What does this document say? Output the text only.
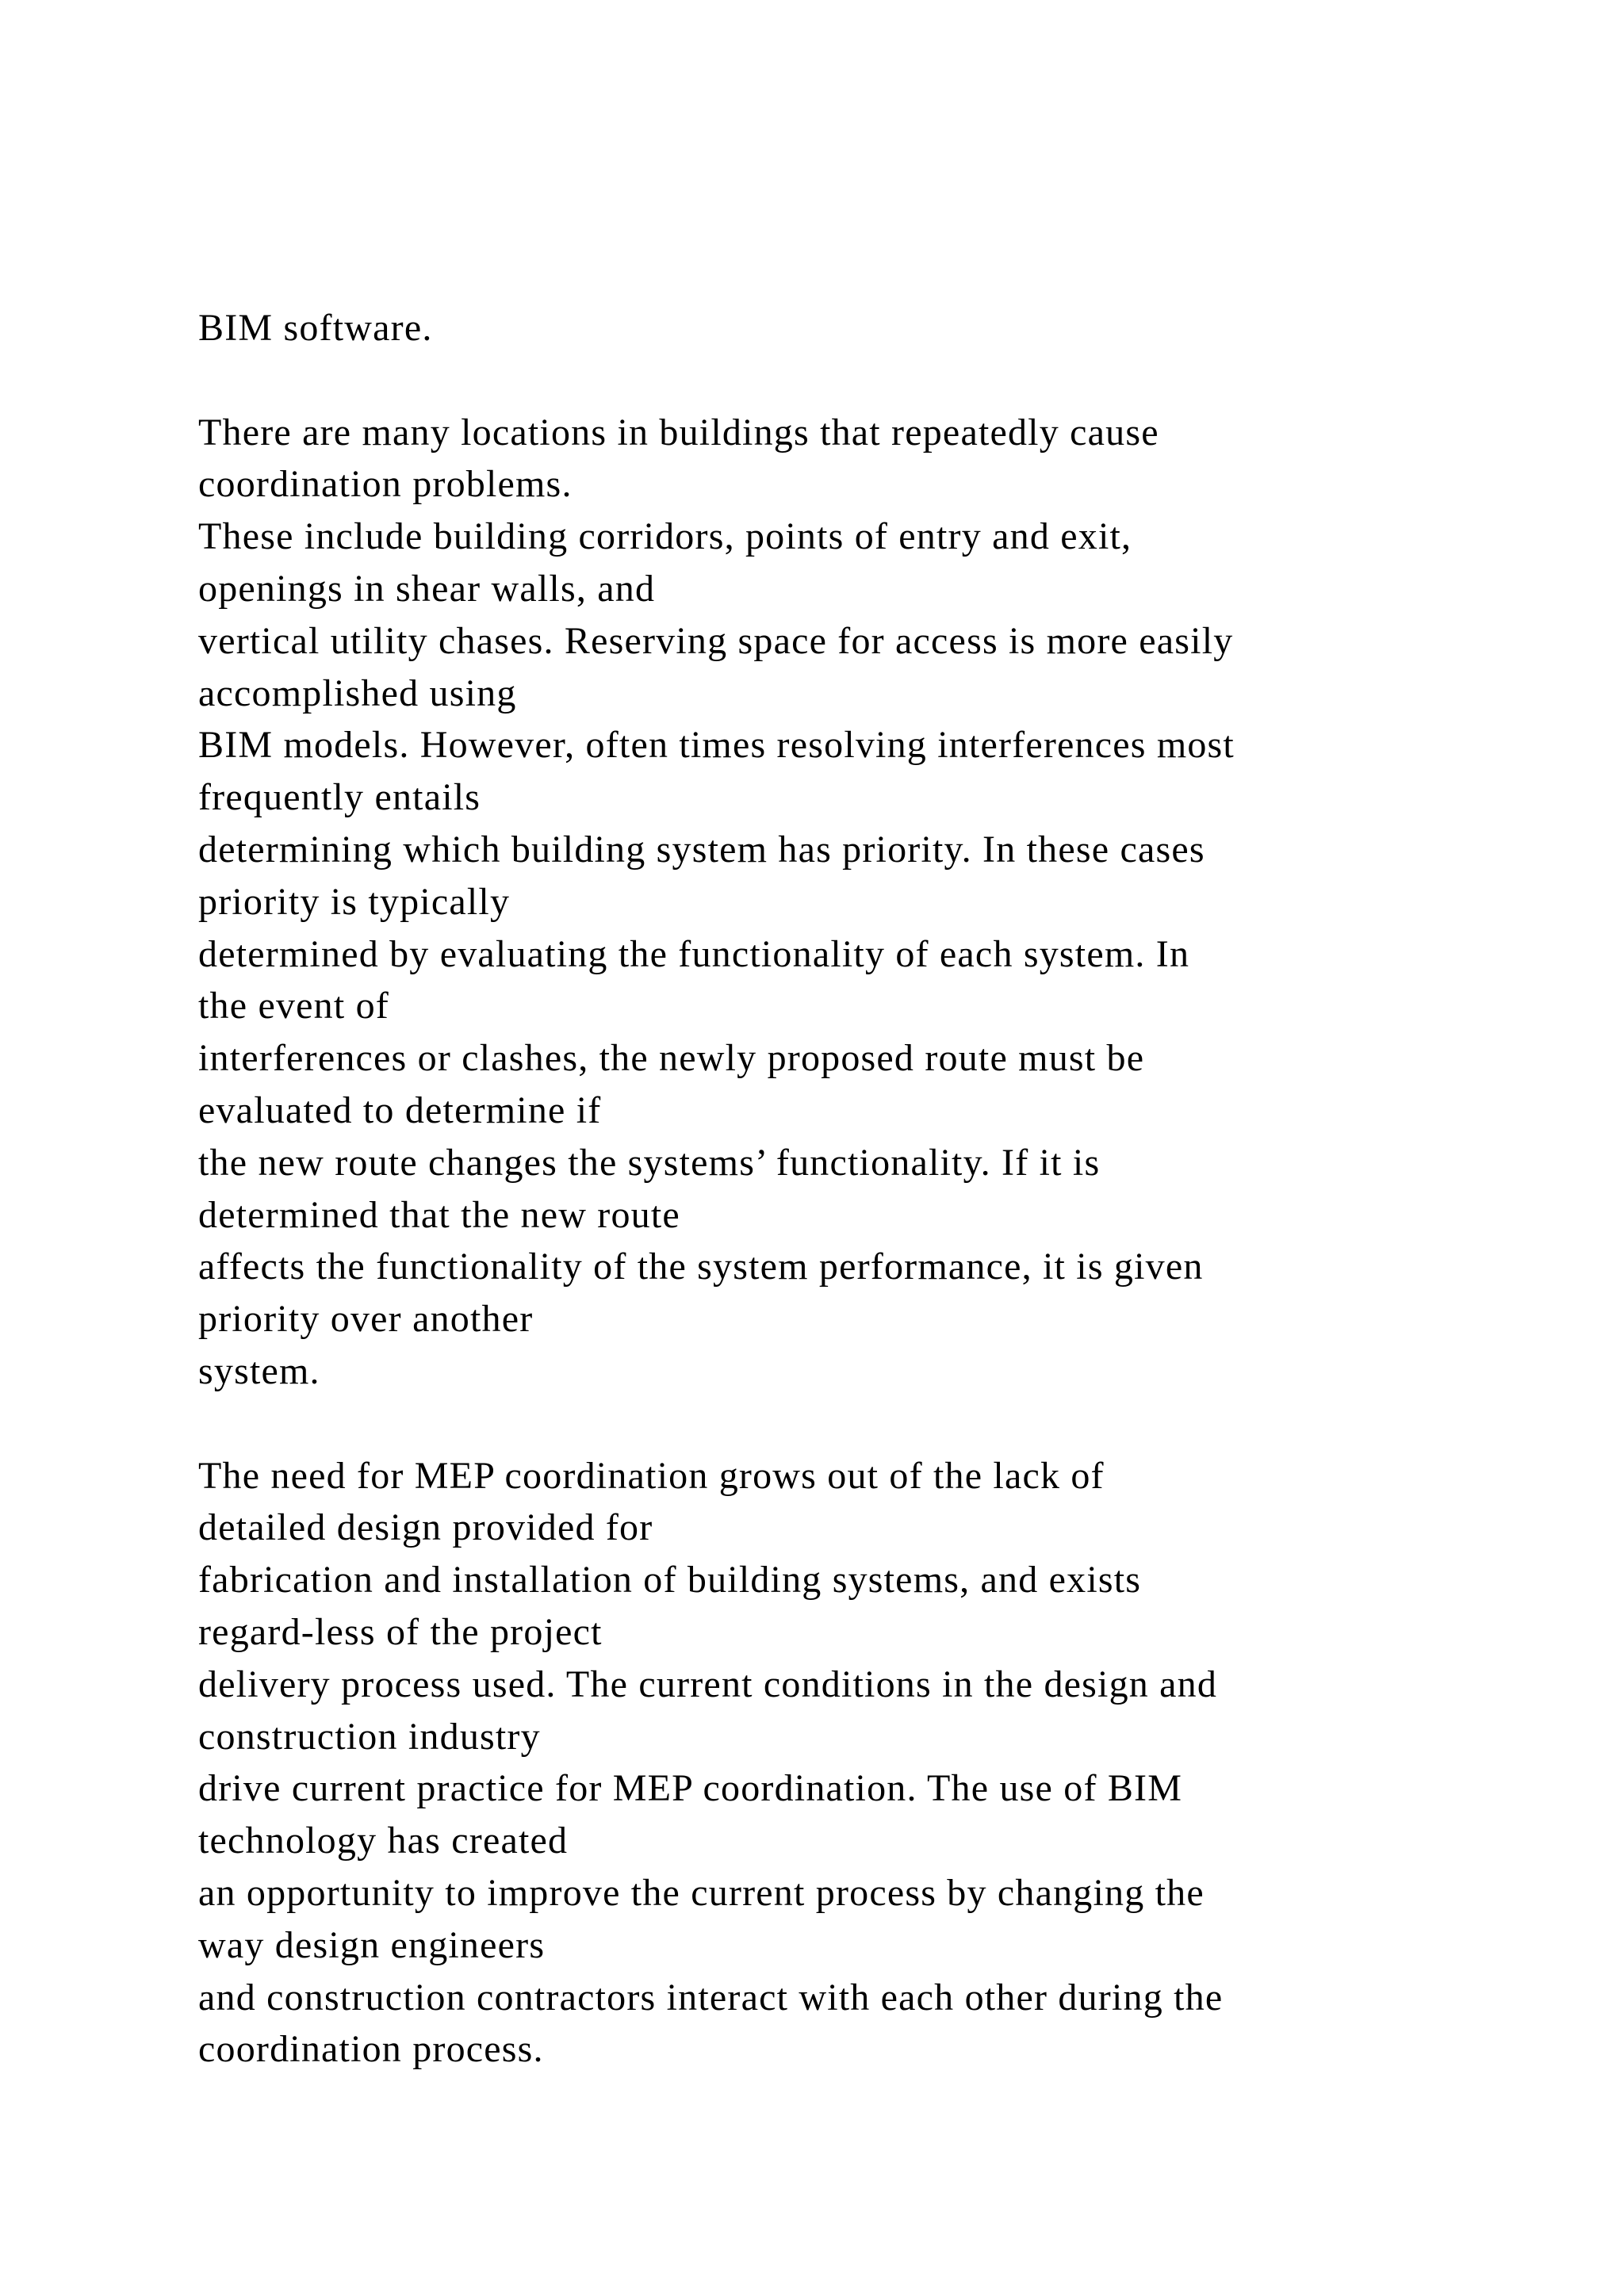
BIM software.
There are many locations in buildings that repeatedly cause
coordination problems.
These include building corridors, points of entry and exit,
openings in shear walls, and
vertical utility chases. Reserving space for access is more easily
accomplished using
BIM models. However, often times resolving interferences most
frequently entails
determining which building system has priority. In these cases
priority is typically
determined by evaluating the functionality of each system. In
the event of
interferences or clashes, the newly proposed route must be
evaluated to determine if
the new route changes the systems’ functionality. If it is
determined that the new route
affects the functionality of the system performance, it is given
priority over another
system.
The need for MEP coordination grows out of the lack of
detailed design provided for
fabrication and installation of building systems, and exists
regard-less of the project
delivery process used. The current conditions in the design and
construction industry
drive current practice for MEP coordination. The use of BIM
technology has created
an opportunity to improve the current process by changing the
way design engineers
and construction contractors interact with each other during the
coordination process.
